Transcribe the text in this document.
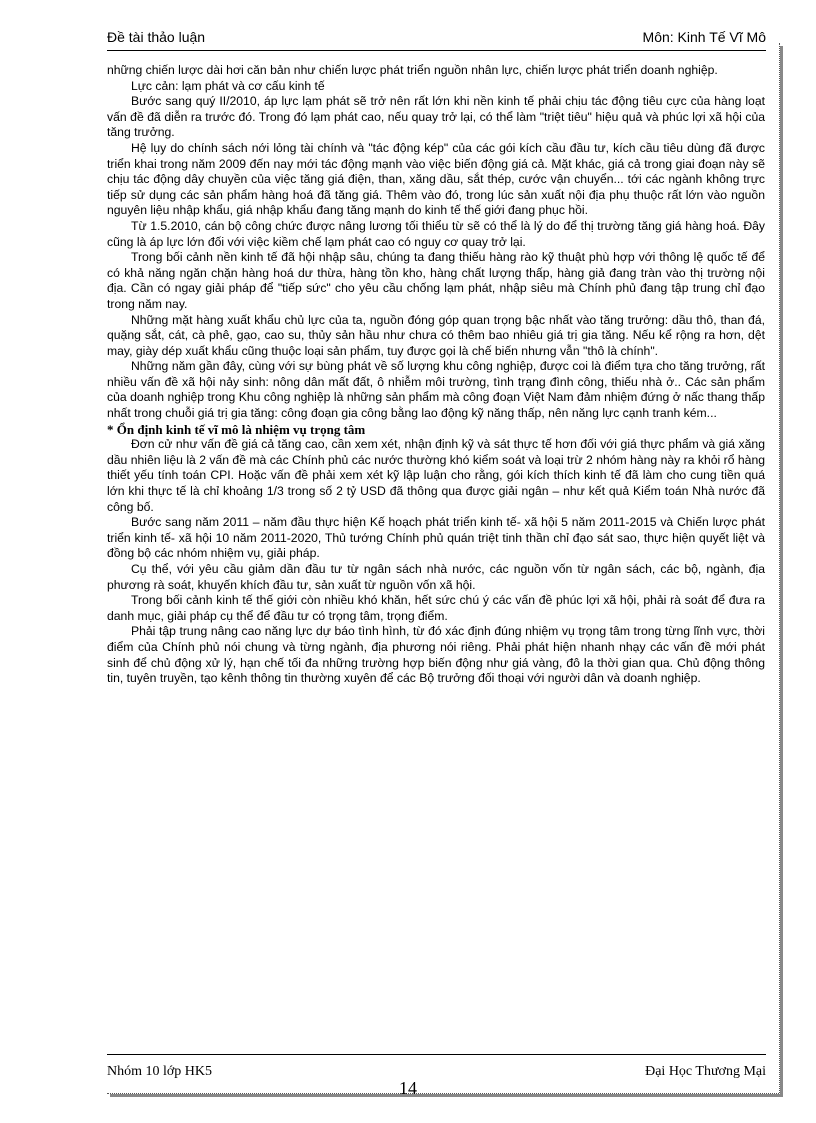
Đề tài thảo luận	Môn: Kinh Tế Vĩ Mô

những chiến lược dài hơi căn bản như chiến lược phát triển nguồn nhân lực, chiến lược phát triển doanh nghiệp.

Lực cản: lạm phát và cơ cấu kinh tế

Bước sang quý II/2010, áp lực lạm phát sẽ trở nên rất lớn khi nền kinh tế phải chịu tác động tiêu cực của hàng loạt vấn đề đã diễn ra trước đó. Trong đó lạm phát cao, nếu quay trở lại, có thể làm "triệt tiêu" hiệu quả và phúc lợi xã hội của tăng trưởng.

Hệ lụy do chính sách nới lỏng tài chính và "tác động kép" của các gói kích cầu đầu tư, kích cầu tiêu dùng đã được triển khai trong năm 2009 đến nay mới tác động mạnh vào việc biến động giá cả. Mặt khác, giá cả trong giai đoạn này sẽ chịu tác động dây chuyền của việc tăng giá điện, than, xăng dầu, sắt thép, cước vận chuyển... tới các ngành không trực tiếp sử dụng các sản phẩm hàng hoá đã tăng giá. Thêm vào đó, trong lúc sản xuất nội địa phụ thuộc rất lớn vào nguồn nguyên liệu nhập khẩu, giá nhập khẩu đang tăng mạnh do kinh tế thế giới đang phục hồi.

Từ 1.5.2010, cán bộ công chức được nâng lương tối thiểu từ sẽ có thể là lý do để thị trường tăng giá hàng hoá. Đây cũng là áp lực lớn đối với việc kiềm chế lạm phát cao có nguy cơ quay trở lại.

Trong bối cảnh nền kinh tế đã hội nhập sâu, chúng ta đang thiếu hàng rào kỹ thuật phù hợp với thông lệ quốc tế để có khả năng ngăn chặn hàng hoá dư thừa, hàng tồn kho, hàng chất lượng thấp, hàng giả đang tràn vào thị trường nội địa. Cần có ngay giải pháp để "tiếp sức" cho yêu cầu chống lạm phát, nhập siêu mà Chính phủ đang tập trung chỉ đạo trong năm nay.

Những mặt hàng xuất khẩu chủ lực của ta, nguồn đóng góp quan trọng bậc nhất vào tăng trưởng: dầu thô, than đá, quặng sắt, cát, cà phê, gạo, cao su, thủy sản hầu như chưa có thêm bao nhiêu giá trị gia tăng. Nếu kể rộng ra hơn, dệt may, giày dép xuất khẩu cũng thuộc loại sản phẩm, tuy được gọi là chế biến nhưng vẫn "thô là chính".

Những năm gần đây, cùng với sự bùng phát về số lượng khu công nghiệp, được coi là điểm tựa cho tăng trưởng, rất nhiều vấn đề xã hội nảy sinh: nông dân mất đất, ô nhiễm môi trường, tình trạng đình công, thiếu nhà ở.. Các sản phẩm của doanh nghiệp trong Khu công nghiệp là những sản phẩm mà công đoạn Việt Nam đảm nhiệm đứng ở nấc thang thấp nhất trong chuỗi giá trị gia tăng: công đoạn gia công bằng lao động kỹ năng thấp, nên năng lực cạnh tranh kém...

* Ổn định kinh tế vĩ mô là nhiệm vụ trọng tâm

Đơn cử như vấn đề giá cả tăng cao, cần xem xét, nhận định kỹ và sát thực tế hơn đối với giá thực phẩm và giá xăng dầu nhiên liệu là 2 vấn đề mà các Chính phủ các nước thường khó kiểm soát và loại trừ 2 nhóm hàng này ra khỏi rổ hàng thiết yếu tính toán CPI. Hoặc vấn đề phải xem xét kỹ lập luận cho rằng, gói kích thích kinh tế đã làm cho cung tiền quá lớn khi thực tế là chỉ khoảng 1/3 trong số 2 tỷ USD đã thông qua được giải ngân – như kết quả Kiểm toán Nhà nước đã công bố.

Bước sang năm 2011 – năm đầu thực hiện Kế hoạch phát triển kinh tế- xã hội 5 năm 2011-2015 và Chiến lược phát triển kinh tế- xã hội 10 năm 2011-2020, Thủ tướng Chính phủ quán triệt tinh thần chỉ đạo sát sao, thực hiện quyết liệt và đồng bộ các nhóm nhiệm vụ, giải pháp.

Cụ thể, với yêu cầu giảm dần đầu tư từ ngân sách nhà nước, các nguồn vốn từ ngân sách, các bộ, ngành, địa phương rà soát, khuyến khích đầu tư, sản xuất từ nguồn vốn xã hội.

Trong bối cảnh kinh tế thế giới còn nhiều khó khăn, hết sức chú ý các vấn đề phúc lợi xã hội, phải rà soát để đưa ra danh mục, giải pháp cụ thể để đầu tư có trọng tâm, trọng điểm.

Phải tập trung nâng cao năng lực dự báo tình hình, từ đó xác định đúng nhiệm vụ trọng tâm trong từng lĩnh vực, thời điểm của Chính phủ nói chung và từng ngành, địa phương nói riêng. Phải phát hiện nhanh nhạy các vấn đề mới phát sinh để chủ động xử lý, hạn chế tối đa những trường hợp biến động như giá vàng, đô la thời gian qua. Chủ động thông tin, tuyên truyền, tạo kênh thông tin thường xuyên để các Bộ trưởng đối thoại với người dân và doanh nghiệp.

Nhóm 10 lớp HK5	Đại Học Thương Mại
14
